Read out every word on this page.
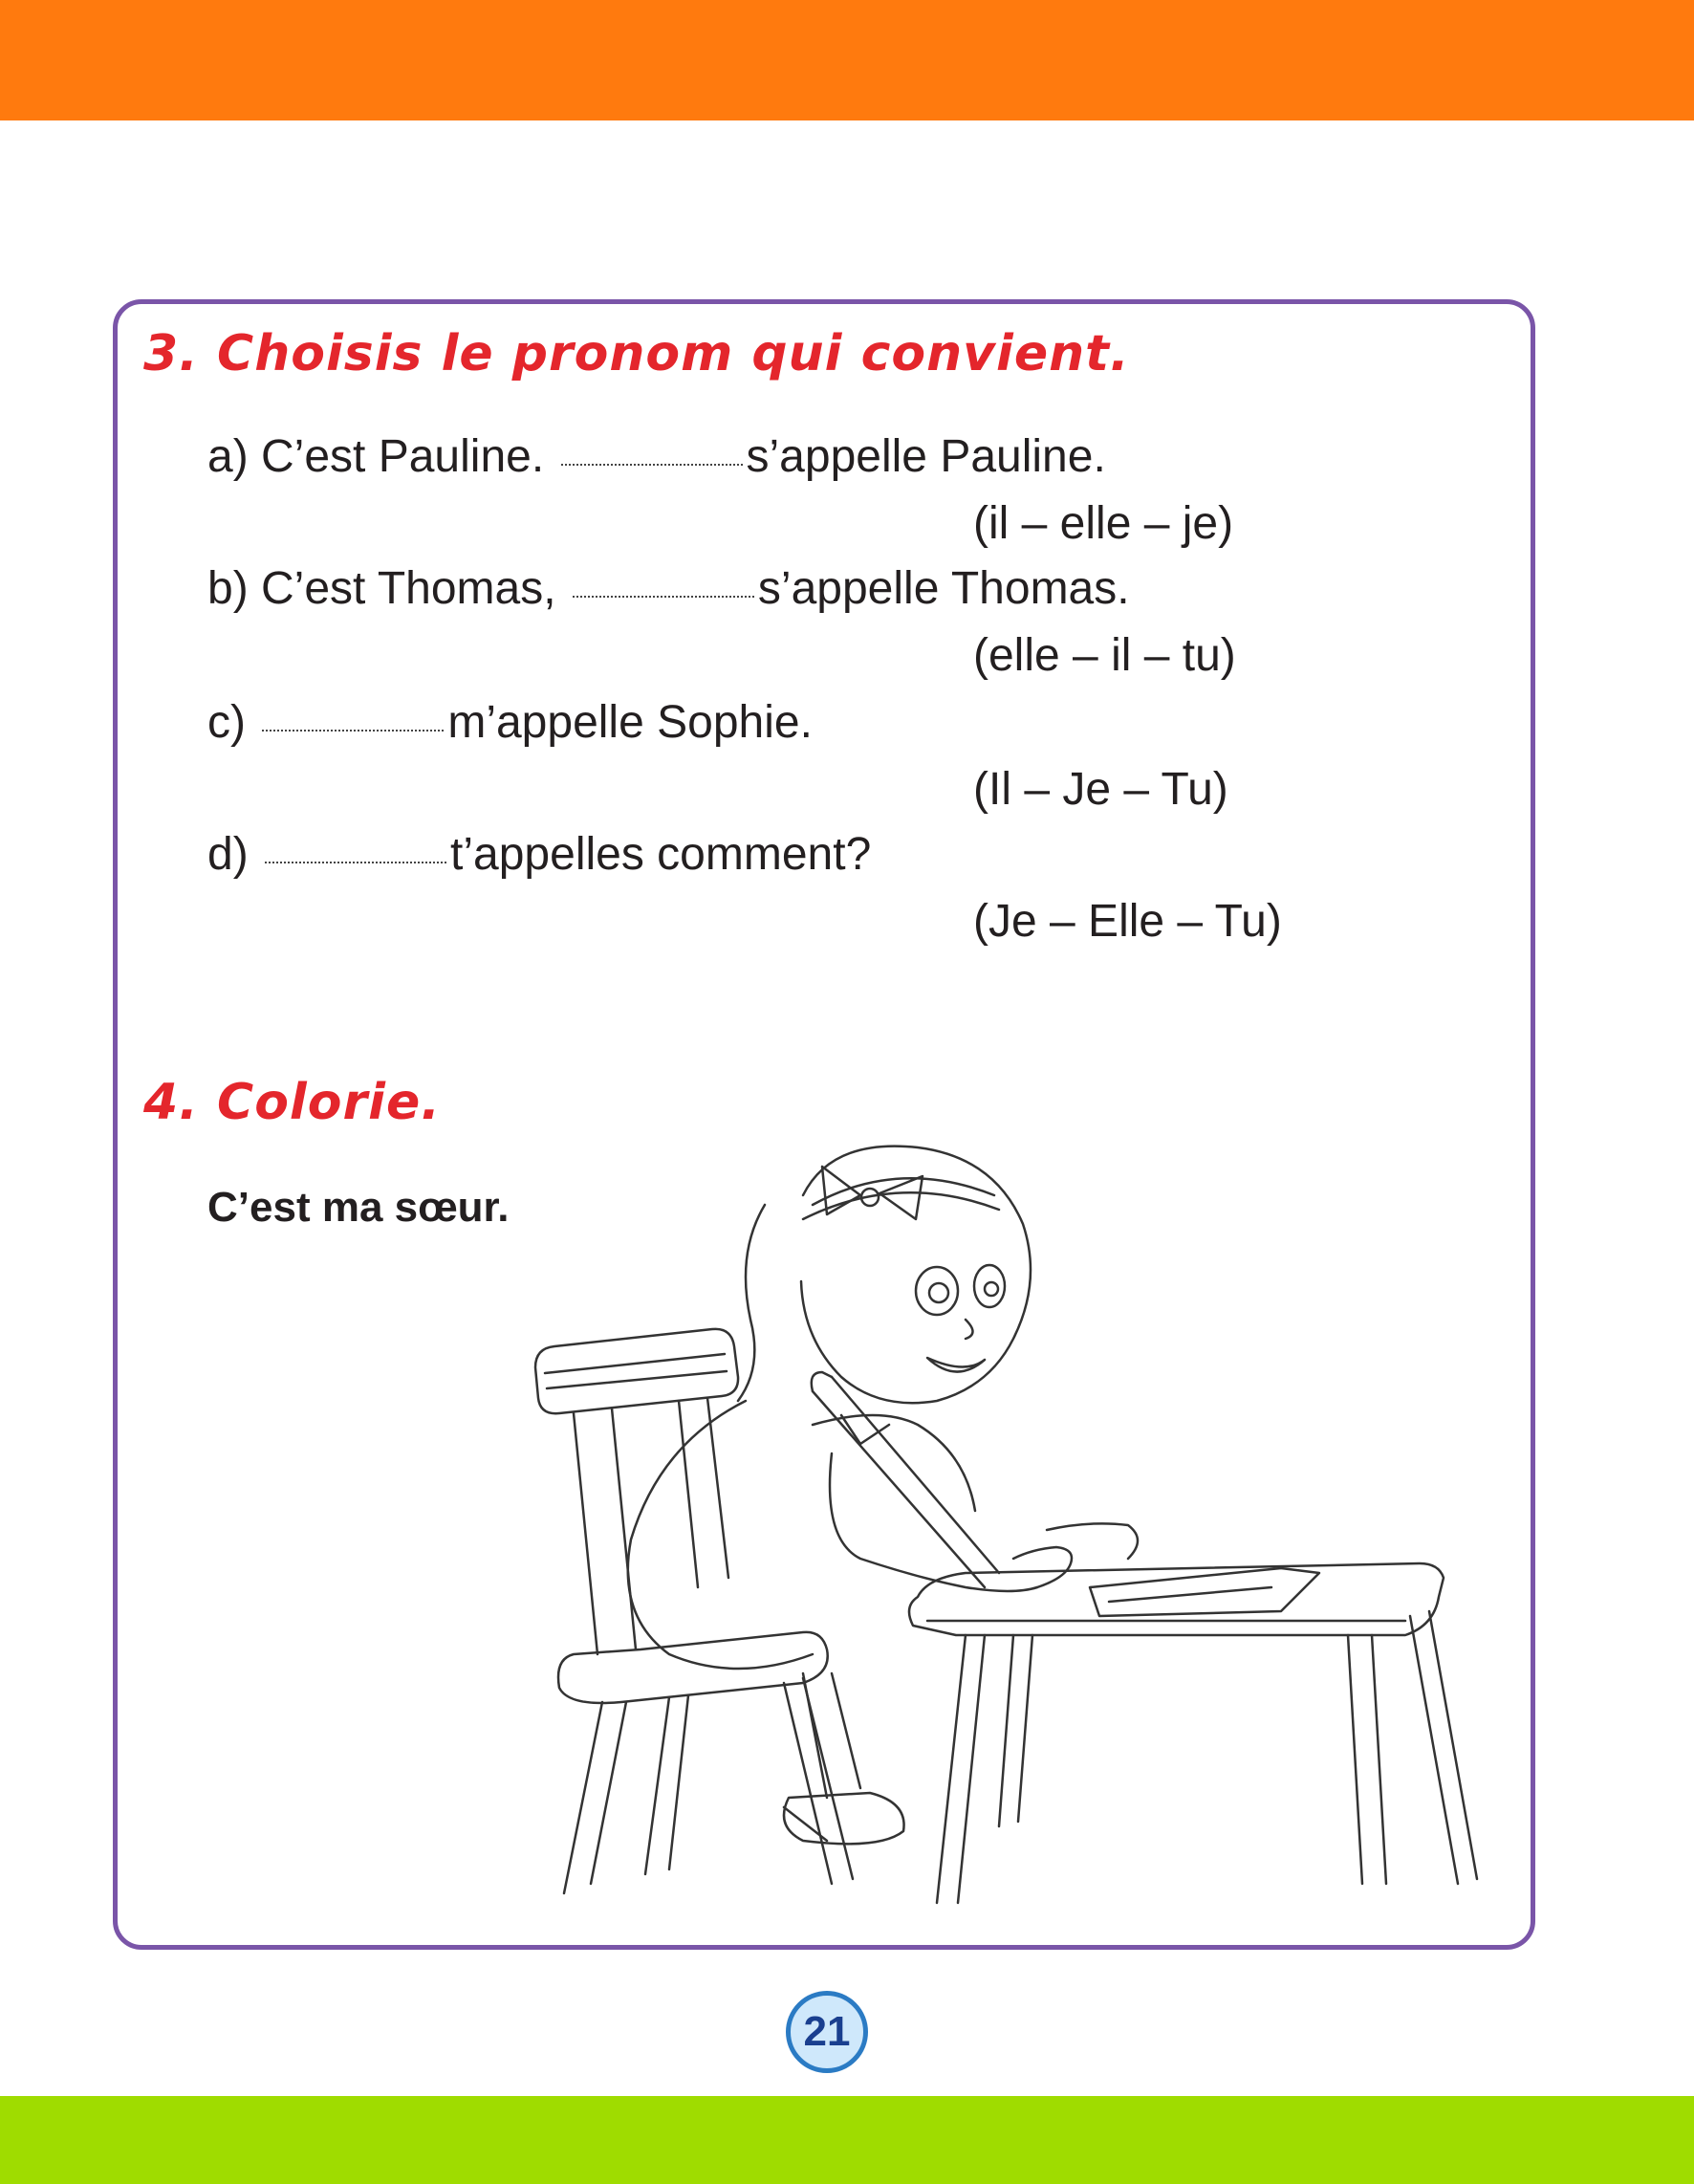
3. Choisis le pronom qui convient.
a) C’est Pauline.	s’appelle Pauline.
(il – elle – je)
b) C’est Thomas,	s’appelle Thomas.
(elle – il – tu)
c)	m’appelle Sophie.
(Il – Je – Tu)
d)	t’appelles comment?
(Je – Elle – Tu)
4. Colorie.
C’est ma sœur.
21
